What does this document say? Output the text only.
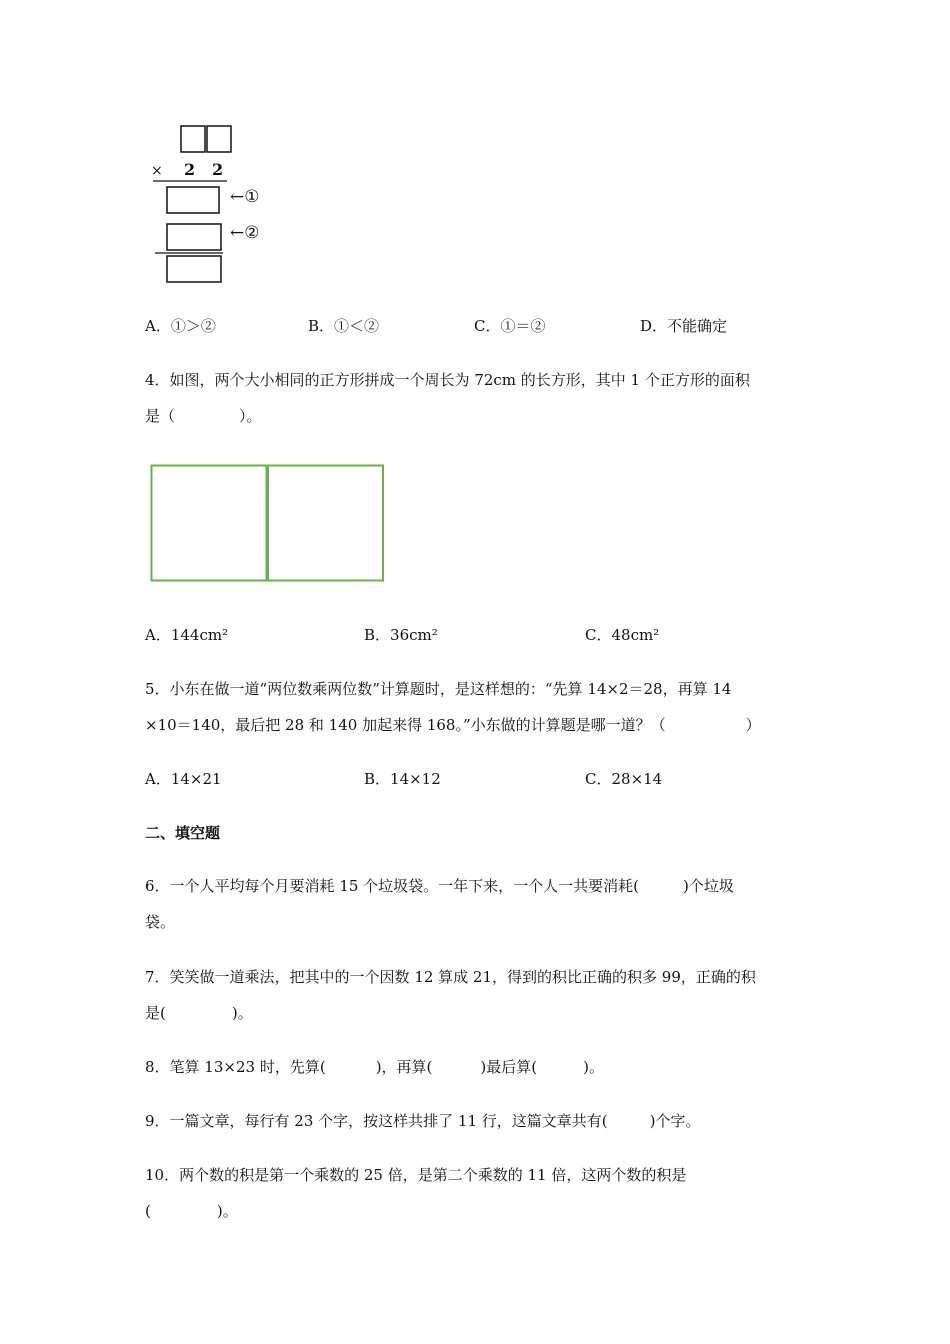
× 2 2
←①
←②
A．①＞②	B．①＜②	C．①＝②	D．不能确定
4．如图，两个大小相同的正方形拼成一个周长为 72cm 的长方形，其中 1 个正方形的面积
是（	）。
A．144cm²	B．36cm²	C．48cm²
5．小东在做一道“两位数乘两位数”计算题时，是这样想的：“先算 14×2＝28，再算 14
×10＝140，最后把 28 和 140 加起来得 168。”小东做的计算题是哪一道？（	）
A．14×21	B．14×12	C．28×14
二、填空题
6．一个人平均每个月要消耗 15 个垃圾袋。一年下来，一个人一共要消耗(	)个垃圾
袋。
7．笑笑做一道乘法，把其中的一个因数 12 算成 21，得到的积比正确的积多 99，正确的积
是(	)。
8．笔算 13×23 时，先算(	)，再算(	)最后算(	)。
9．一篇文章，每行有 23 个字，按这样共排了 11 行，这篇文章共有(	)个字。
10．两个数的积是第一个乘数的 25 倍，是第二个乘数的 11 倍，这两个数的积是
(	)。
